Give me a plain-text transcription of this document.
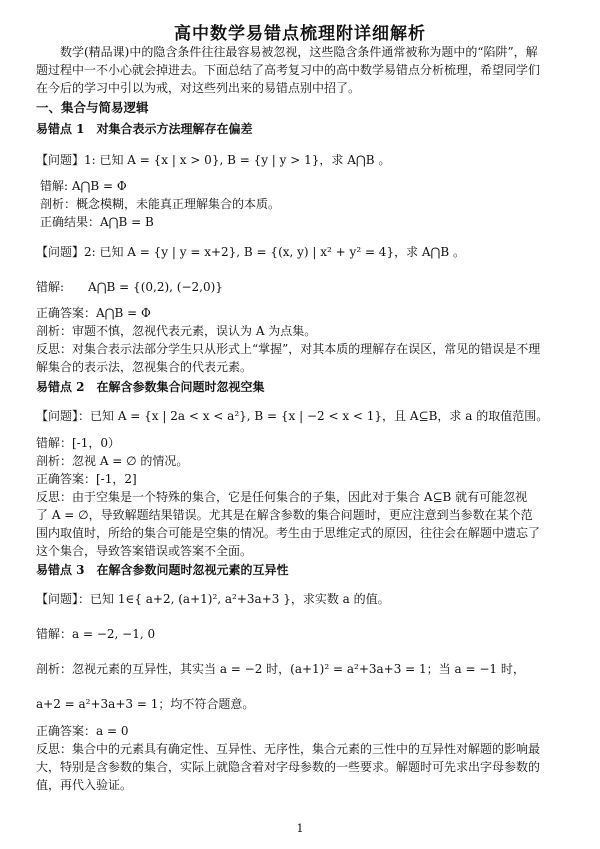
高中数学易错点梳理附详细解析
数学(精品课)中的隐含条件往往最容易被忽视，这些隐含条件通常被称为题中的“陷阱”，解
题过程中一不小心就会掉进去。下面总结了高考复习中的高中数学易错点分析梳理，希望同学们
在今后的学习中引以为戒，对这些列出来的易错点别中招了。
一、集合与简易逻辑
易错点 1　对集合表示方法理解存在偏差
【问题】1: 已知 A = {x | x > 0}, B = {y | y > 1}，求 A⋂B 。
错解: A⋂B = Φ
剖析：概念模糊，未能真正理解集合的本质。
正确结果：A⋂B = B
【问题】2: 已知 A = {y | y = x+2}, B = {(x, y) | x² + y² = 4}，求 A⋂B 。
错解:　　A⋂B = {(0,2), (−2,0)}
正确答案：A⋂B = Φ
剖析：审题不慎，忽视代表元素，误认为 A 为点集。
反思：对集合表示法部分学生只从形式上“掌握”，对其本质的理解存在误区，常见的错误是不理
解集合的表示法，忽视集合的代表元素。
易错点 2　在解含参数集合问题时忽视空集
【问题】：已知 A = {x | 2a < x < a²}, B = {x | −2 < x < 1}，且 A⊆B，求 a 的取值范围。
错解：[-1，0）
剖析：忽视 A = ∅ 的情况。
正确答案：[-1，2]
反思：由于空集是一个特殊的集合，它是任何集合的子集，因此对于集合 A⊆B 就有可能忽视
了 A = ∅，导致解题结果错误。尤其是在解含参数的集合问题时，更应注意到当参数在某个范
围内取值时，所给的集合可能是空集的情况。考生由于思维定式的原因，往往会在解题中遗忘了
这个集合，导致答案错误或答案不全面。
易错点 3　在解含参数问题时忽视元素的互异性
【问题】：已知 1∈{ a+2, (a+1)², a²+3a+3 }，求实数 a 的值。
错解：a = −2, −1, 0
剖析：忽视元素的互异性，其实当 a = −2 时，(a+1)² = a²+3a+3 = 1；当 a = −1 时，
a+2 = a²+3a+3 = 1；均不符合题意。
正确答案：a = 0
反思：集合中的元素具有确定性、互异性、无序性，集合元素的三性中的互异性对解题的影响最
大，特别是含参数的集合，实际上就隐含着对字母参数的一些要求。解题时可先求出字母参数的
值，再代入验证。
1
